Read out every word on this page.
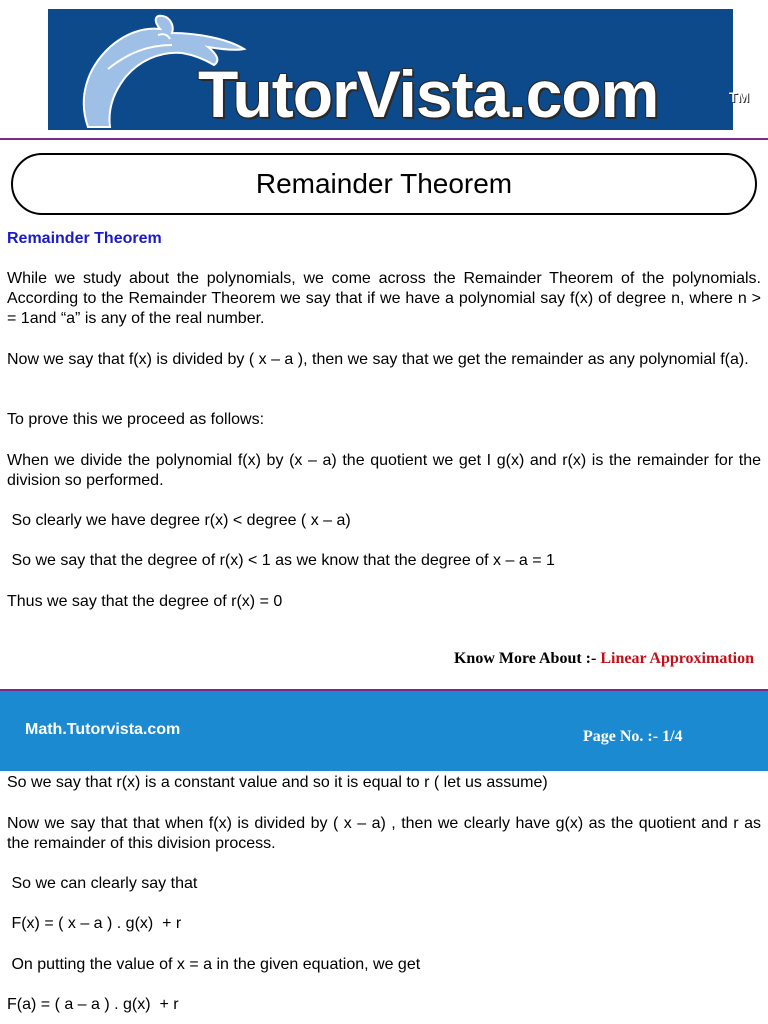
TutorVista.com	TM
Remainder Theorem
Remainder Theorem

While we study about the polynomials, we come across the Remainder Theorem of the polynomials. According to the Remainder Theorem we say that if we have a polynomial say f(x) of degree n, where n > = 1and “a” is any of the real number.

Now we say that f(x) is divided by ( x – a ), then we say that we get the remainder as any polynomial f(a).

To prove this we proceed as follows:

When we divide the polynomial f(x) by (x – a) the quotient we get I g(x) and r(x) is the remainder for the division so performed.

So clearly we have degree r(x) < degree ( x – a)

So we say that the degree of r(x) < 1 as we know that the degree of x – a = 1

Thus we say that the degree of r(x) = 0

Know More About :- Linear Approximation
Math.Tutorvista.com	Page No. :- 1/4

So we say that r(x) is a constant value and so it is equal to r ( let us assume)

Now we say that that when f(x) is divided by ( x – a) , then we clearly have g(x) as the quotient and r as the remainder of this division process.

So we can clearly say that

F(x) = ( x – a ) . g(x)  + r

On putting the value of x = a in the given equation, we get

F(a) = ( a – a ) . g(x)  + r
